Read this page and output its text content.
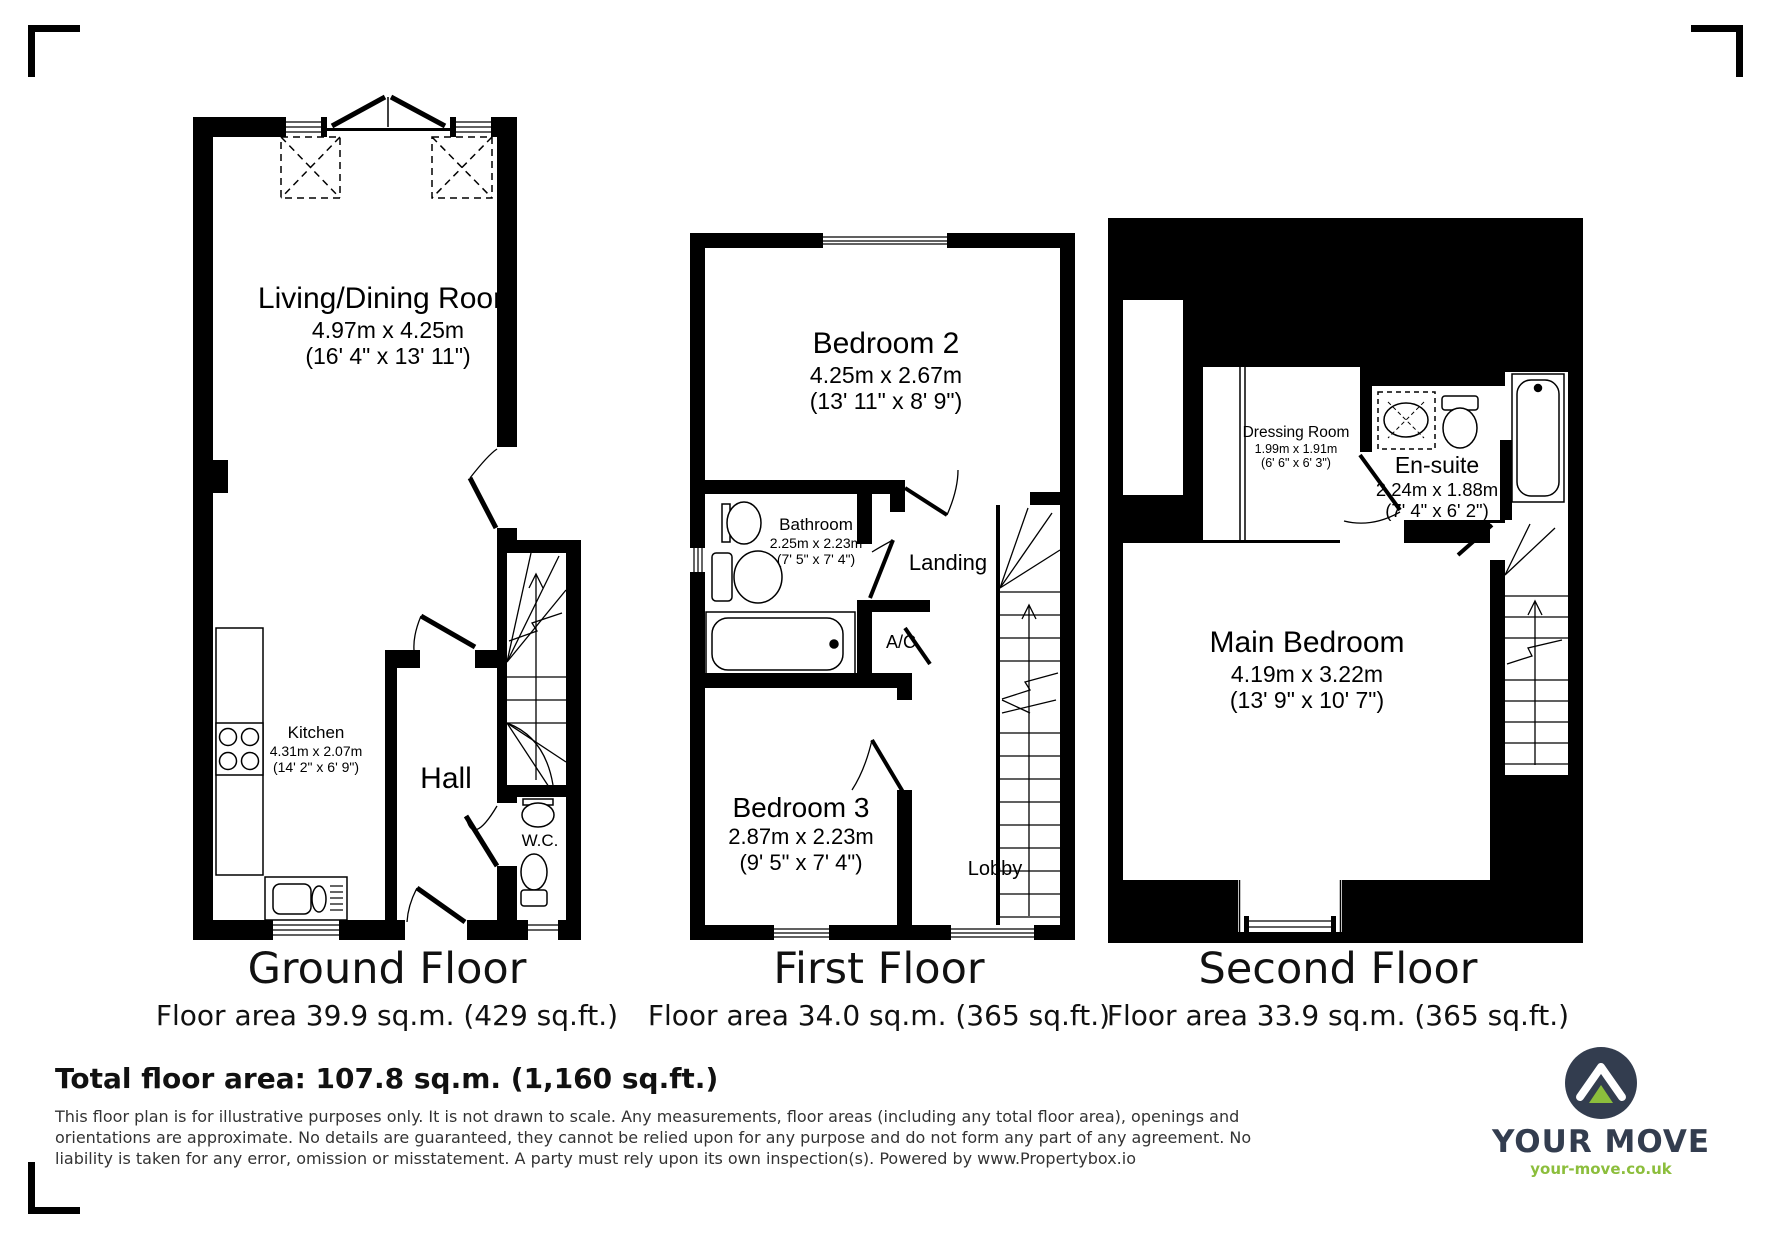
Living/Dining Room
4.97m x 4.25m
(16' 4" x 13' 11")
Kitchen
4.31m x 2.07m
(14' 2" x 6' 9") Hall
W.C.
Bedroom 2
4.25m x 2.67m
(13' 11" x 8' 9")
Bathroom
2.25m x 2.23m
(7' 5" x 7' 4")
A/C
Landing
Bedroom 3
2.87m x 2.23m
(9' 5" x 7' 4")	Lobby
Dressing Room
1.99m x 1.91m
(6' 6" x 6' 3")	En-suite
2.24m x 1.88m
(7' 4" x 6' 2")
Main Bedroom
4.19m x 3.22m
(13' 9" x 10' 7")
Ground Floor	First Floor	Second Floor
Floor area 39.9 sq.m. (429 sq.ft.) Floor area 34.0 sq.m. (365 sq.ft.)
Floor area 33.9 sq.m. (365 sq.ft.)
Total floor area: 107.8 sq.m. (1,160 sq.ft.)
This floor plan is for illustrative purposes only. It is not drawn to scale. Any measurements, floor areas (including any total floor area), openings and orientations are approximate. No details are guaranteed, they cannot be relied upon for any purpose and do not form any part of any agreement. No liability is taken for any error, omission or misstatement. A party must rely upon its own inspection(s). Powered by www.Propertybox.io	YOUR MOVE
your-move.co.uk
